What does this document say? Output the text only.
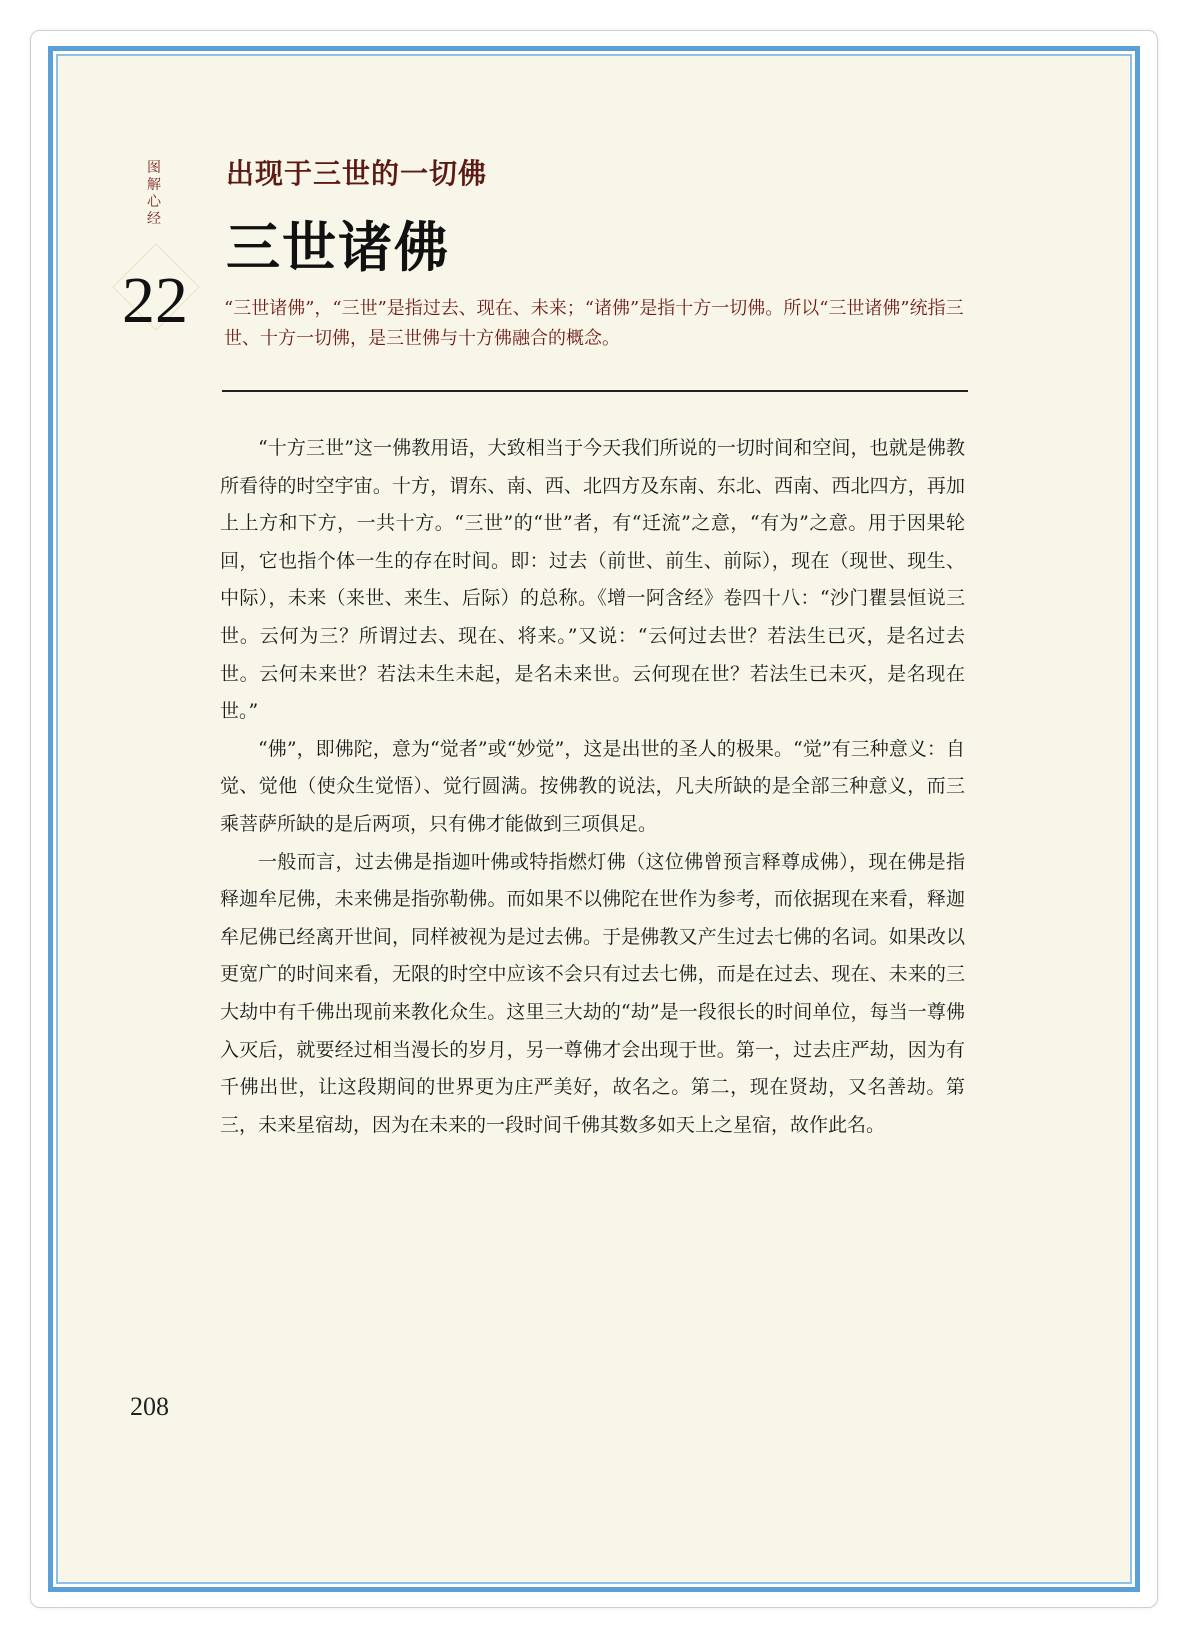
图
解
心
经
22
出现于三世的一切佛
三世诸佛
“三世诸佛”，“三世”是指过去、现在、未来；“诸佛”是指十方一切佛。所以“三世诸佛”统指三世、十方一切佛，是三世佛与十方佛融合的概念。

“十方三世”这一佛教用语，大致相当于今天我们所说的一切时间和空间，也就是佛教所看待的时空宇宙。十方，谓东、南、西、北四方及东南、东北、西南、西北四方，再加上上方和下方，一共十方。“三世”的“世”者，有“迁流”之意，“有为”之意。用于因果轮回，它也指个体一生的存在时间。即：过去（前世、前生、前际），现在（现世、现生、中际），未来（来世、来生、后际）的总称。《增一阿含经》卷四十八：“沙门瞿昙恒说三世。云何为三？所谓过去、现在、将来。”又说：“云何过去世？若法生已灭，是名过去世。云何未来世？若法未生未起，是名未来世。云何现在世？若法生已未灭，是名现在世。”

“佛”，即佛陀，意为“觉者”或“妙觉”，这是出世的圣人的极果。“觉”有三种意义：自觉、觉他（使众生觉悟）、觉行圆满。按佛教的说法，凡夫所缺的是全部三种意义，而三乘菩萨所缺的是后两项，只有佛才能做到三项俱足。

一般而言，过去佛是指迦叶佛或特指燃灯佛（这位佛曾预言释尊成佛），现在佛是指释迦牟尼佛，未来佛是指弥勒佛。而如果不以佛陀在世作为参考，而依据现在来看，释迦牟尼佛已经离开世间，同样被视为是过去佛。于是佛教又产生过去七佛的名词。如果改以更宽广的时间来看，无限的时空中应该不会只有过去七佛，而是在过去、现在、未来的三大劫中有千佛出现前来教化众生。这里三大劫的“劫”是一段很长的时间单位，每当一尊佛入灭后，就要经过相当漫长的岁月，另一尊佛才会出现于世。第一，过去庄严劫，因为有千佛出世，让这段期间的世界更为庄严美好，故名之。第二，现在贤劫，又名善劫。第三，未来星宿劫，因为在未来的一段时间千佛其数多如天上之星宿，故作此名。

208
